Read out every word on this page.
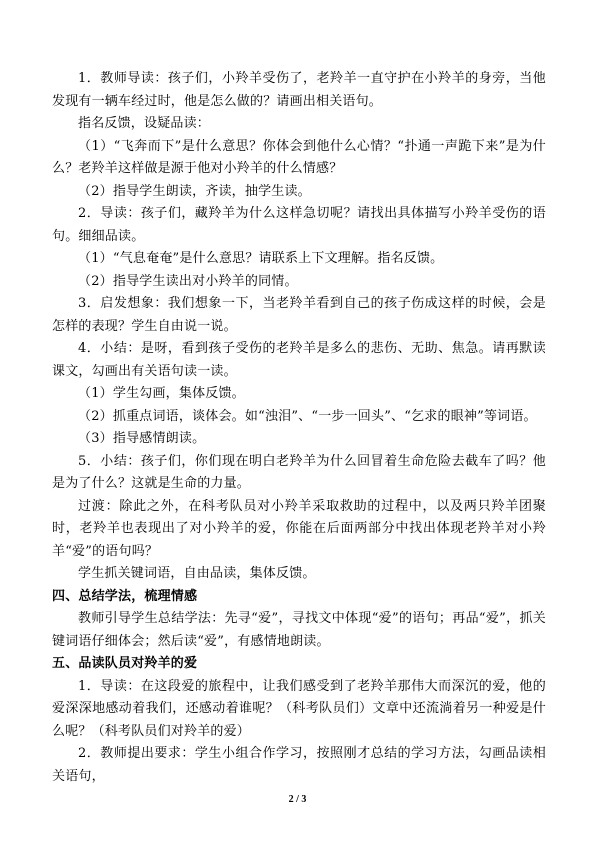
1．教师导读：孩子们，小羚羊受伤了，老羚羊一直守护在小羚羊的身旁，当他发现有一辆车经过时，他是怎么做的？请画出相关语句。

指名反馈，设疑品读：

（1）“飞奔而下”是什么意思？你体会到他什么心情？“扑通一声跪下来”是为什么？老羚羊这样做是源于他对小羚羊的什么情感？

（2）指导学生朗读，齐读，抽学生读。

2．导读：孩子们，藏羚羊为什么这样急切呢？请找出具体描写小羚羊受伤的语句。细细品读。

（1）“气息奄奄”是什么意思？请联系上下文理解。指名反馈。

（2）指导学生读出对小羚羊的同情。

3．启发想象：我们想象一下，当老羚羊看到自己的孩子伤成这样的时候，会是怎样的表现？学生自由说一说。

4．小结：是呀，看到孩子受伤的老羚羊是多么的悲伤、无助、焦急。请再默读课文，勾画出有关语句读一读。

（1）学生勾画，集体反馈。

（2）抓重点词语，谈体会。如“浊泪”、“一步一回头”、“乞求的眼神”等词语。

（3）指导感情朗读。

5．小结：孩子们，你们现在明白老羚羊为什么回冒着生命危险去截车了吗？他是为了什么？这就是生命的力量。

过渡：除此之外，在科考队员对小羚羊采取救助的过程中，以及两只羚羊团聚时，老羚羊也表现出了对小羚羊的爱，你能在后面两部分中找出体现老羚羊对小羚羊“爱”的语句吗？

学生抓关键词语，自由品读，集体反馈。

四、总结学法，梳理情感

教师引导学生总结学法：先寻“爱”，寻找文中体现“爱”的语句；再品“爱”，抓关键词语仔细体会；然后读“爱”，有感情地朗读。

五、品读队员对羚羊的爱

1．导读：在这段爱的旅程中，让我们感受到了老羚羊那伟大而深沉的爱，他的爱深深地感动着我们，还感动着谁呢？（科考队员们）文章中还流淌着另一种爱是什么呢？（科考队员们对羚羊的爱）

2．教师提出要求：学生小组合作学习，按照刚才总结的学习方法，勾画品读相关语句，

2 / 3
